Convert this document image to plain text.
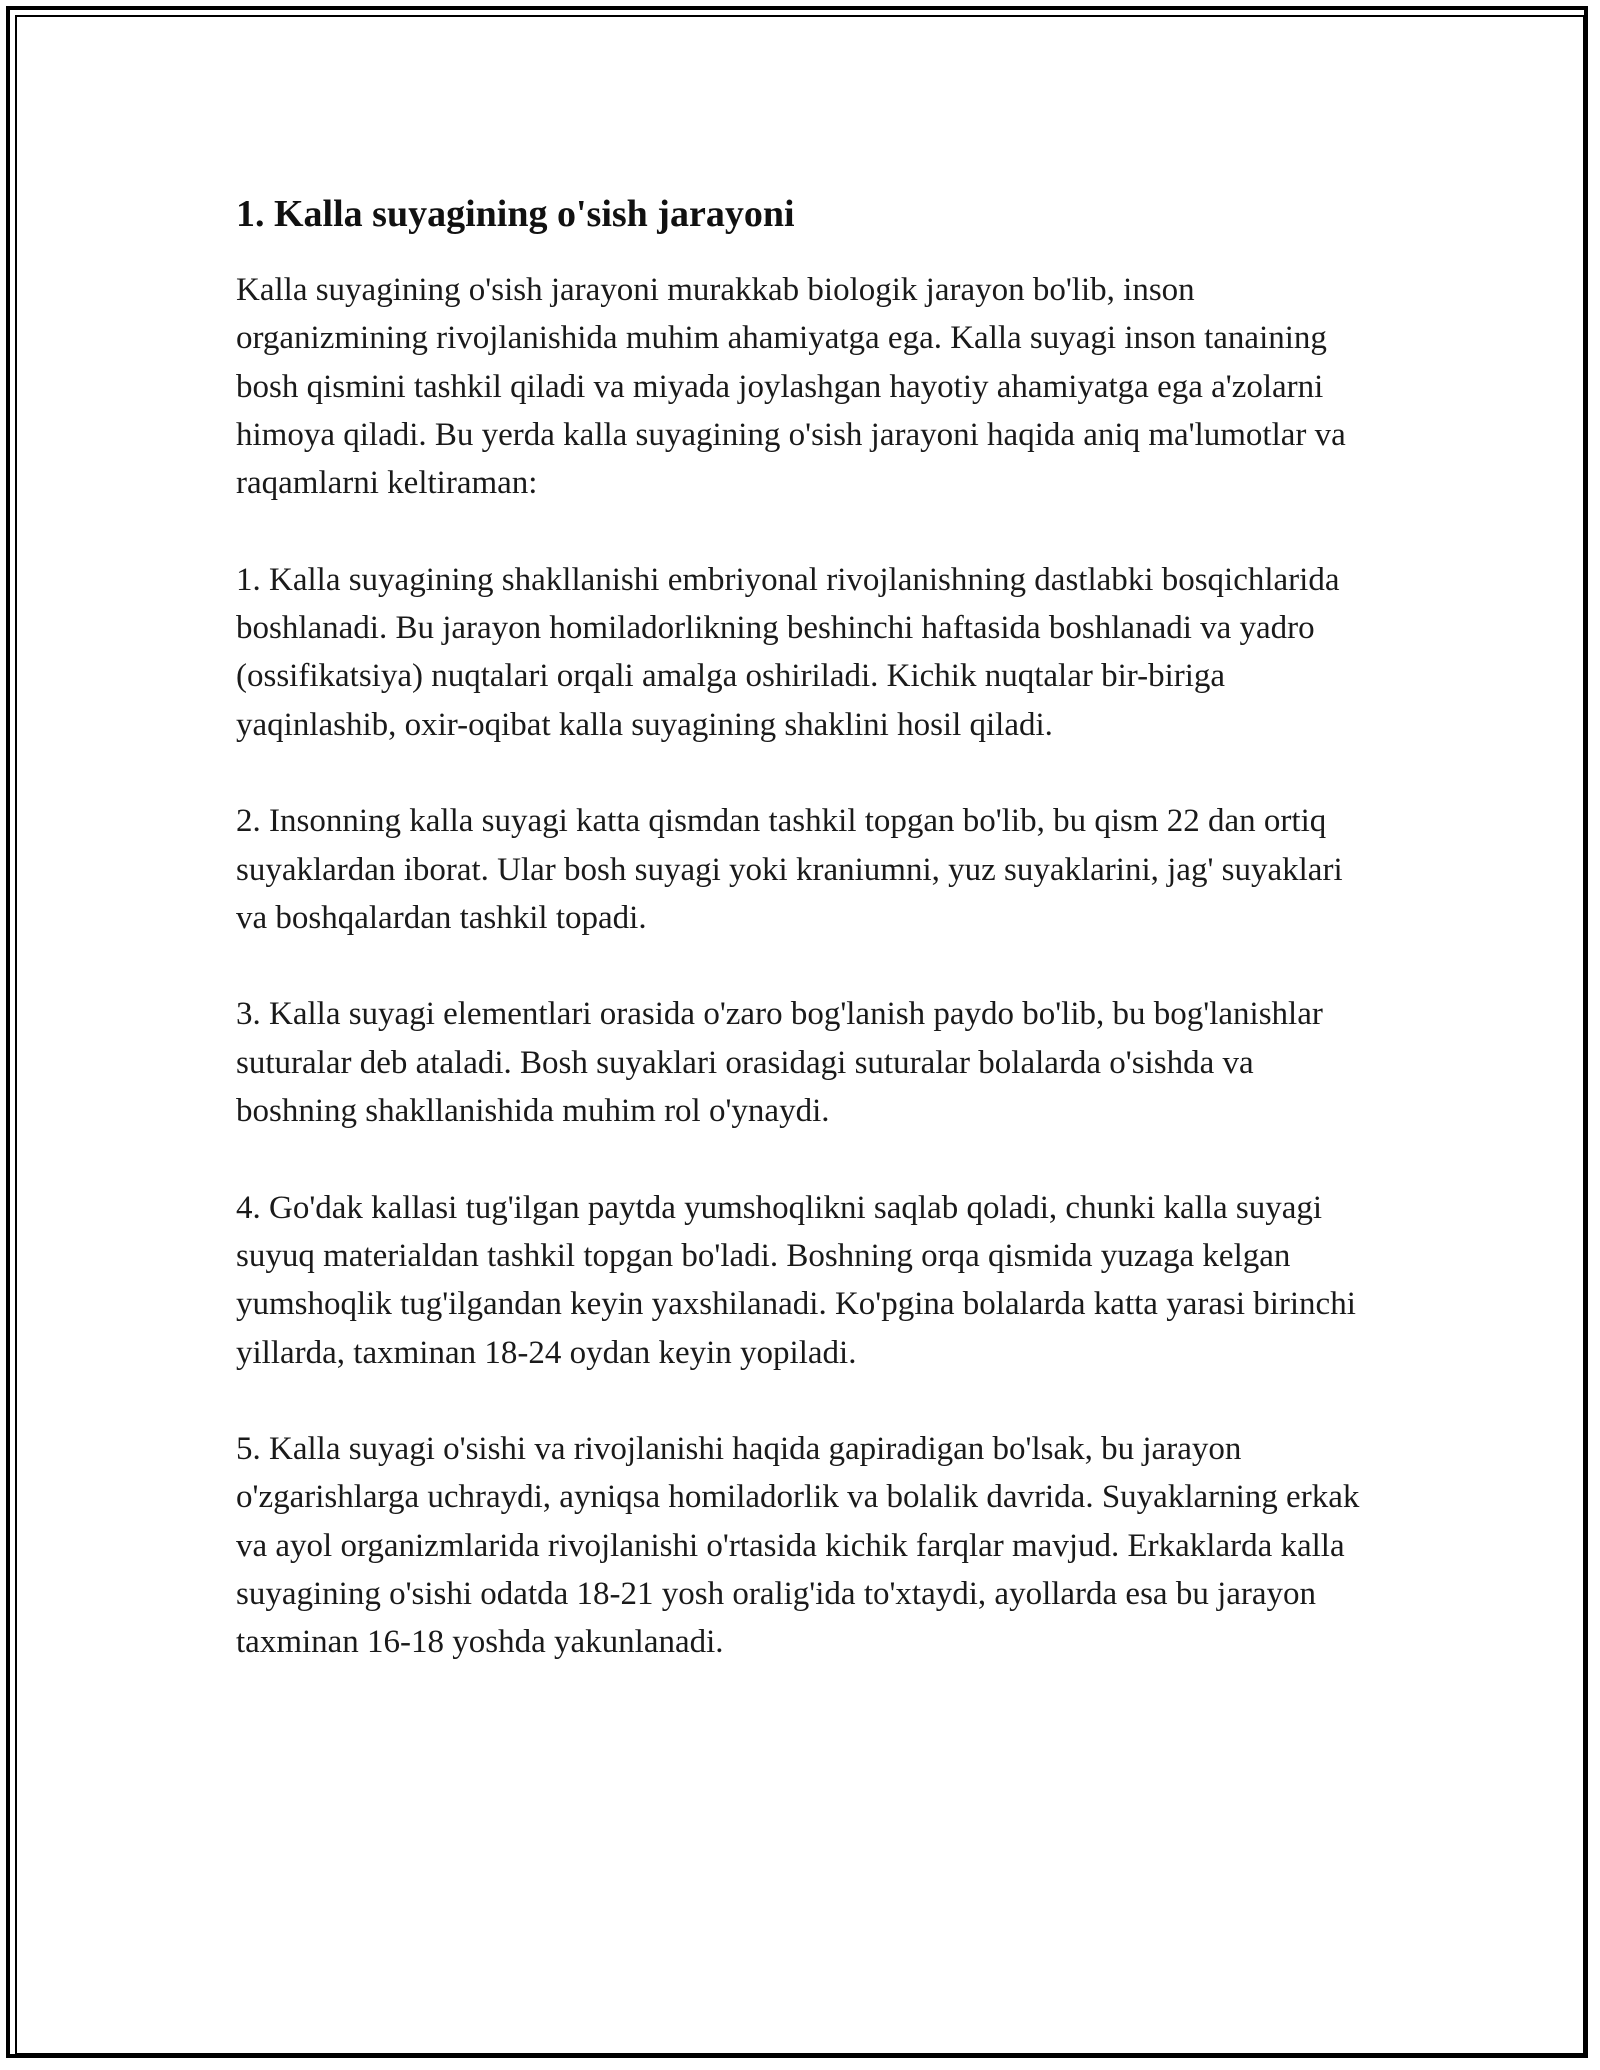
1. Kalla suyagining o'sish jarayoni

Kalla suyagining o'sish jarayoni murakkab biologik jarayon bo'lib, inson organizmining rivojlanishida muhim ahamiyatga ega. Kalla suyagi inson tanaining bosh qismini tashkil qiladi va miyada joylashgan hayotiy ahamiyatga ega a'zolarni himoya qiladi. Bu yerda kalla suyagining o'sish jarayoni haqida aniq ma'lumotlar va raqamlarni keltiraman:

1. Kalla suyagining shakllanishi embriyonal rivojlanishning dastlabki bosqichlarida boshlanadi. Bu jarayon homiladorlikning beshinchi haftasida boshlanadi va yadro (ossifikatsiya) nuqtalari orqali amalga oshiriladi. Kichik nuqtalar bir-biriga yaqinlashib, oxir-oqibat kalla suyagining shaklini hosil qiladi.

2. Insonning kalla suyagi katta qismdan tashkil topgan bo'lib, bu qism 22 dan ortiq suyaklardan iborat. Ular bosh suyagi yoki kraniumni, yuz suyaklarini, jag' suyaklari va boshqalardan tashkil topadi.

3. Kalla suyagi elementlari orasida o'zaro bog'lanish paydo bo'lib, bu bog'lanishlar suturalar deb ataladi. Bosh suyaklari orasidagi suturalar bolalarda o'sishda va boshning shakllanishida muhim rol o'ynaydi.

4. Go'dak kallasi tug'ilgan paytda yumshoqlikni saqlab qoladi, chunki kalla suyagi suyuq materialdan tashkil topgan bo'ladi. Boshning orqa qismida yuzaga kelgan yumshoqlik tug'ilgandan keyin yaxshilanadi. Ko'pgina bolalarda katta yarasi birinchi yillarda, taxminan 18-24 oydan keyin yopiladi.

5. Kalla suyagi o'sishi va rivojlanishi haqida gapiradigan bo'lsak, bu jarayon o'zgarishlarga uchraydi, ayniqsa homiladorlik va bolalik davrida. Suyaklarning erkak va ayol organizmlarida rivojlanishi o'rtasida kichik farqlar mavjud. Erkaklarda kalla suyagining o'sishi odatda 18-21 yosh oralig'ida to'xtaydi, ayollarda esa bu jarayon taxminan 16-18 yoshda yakunlanadi.
